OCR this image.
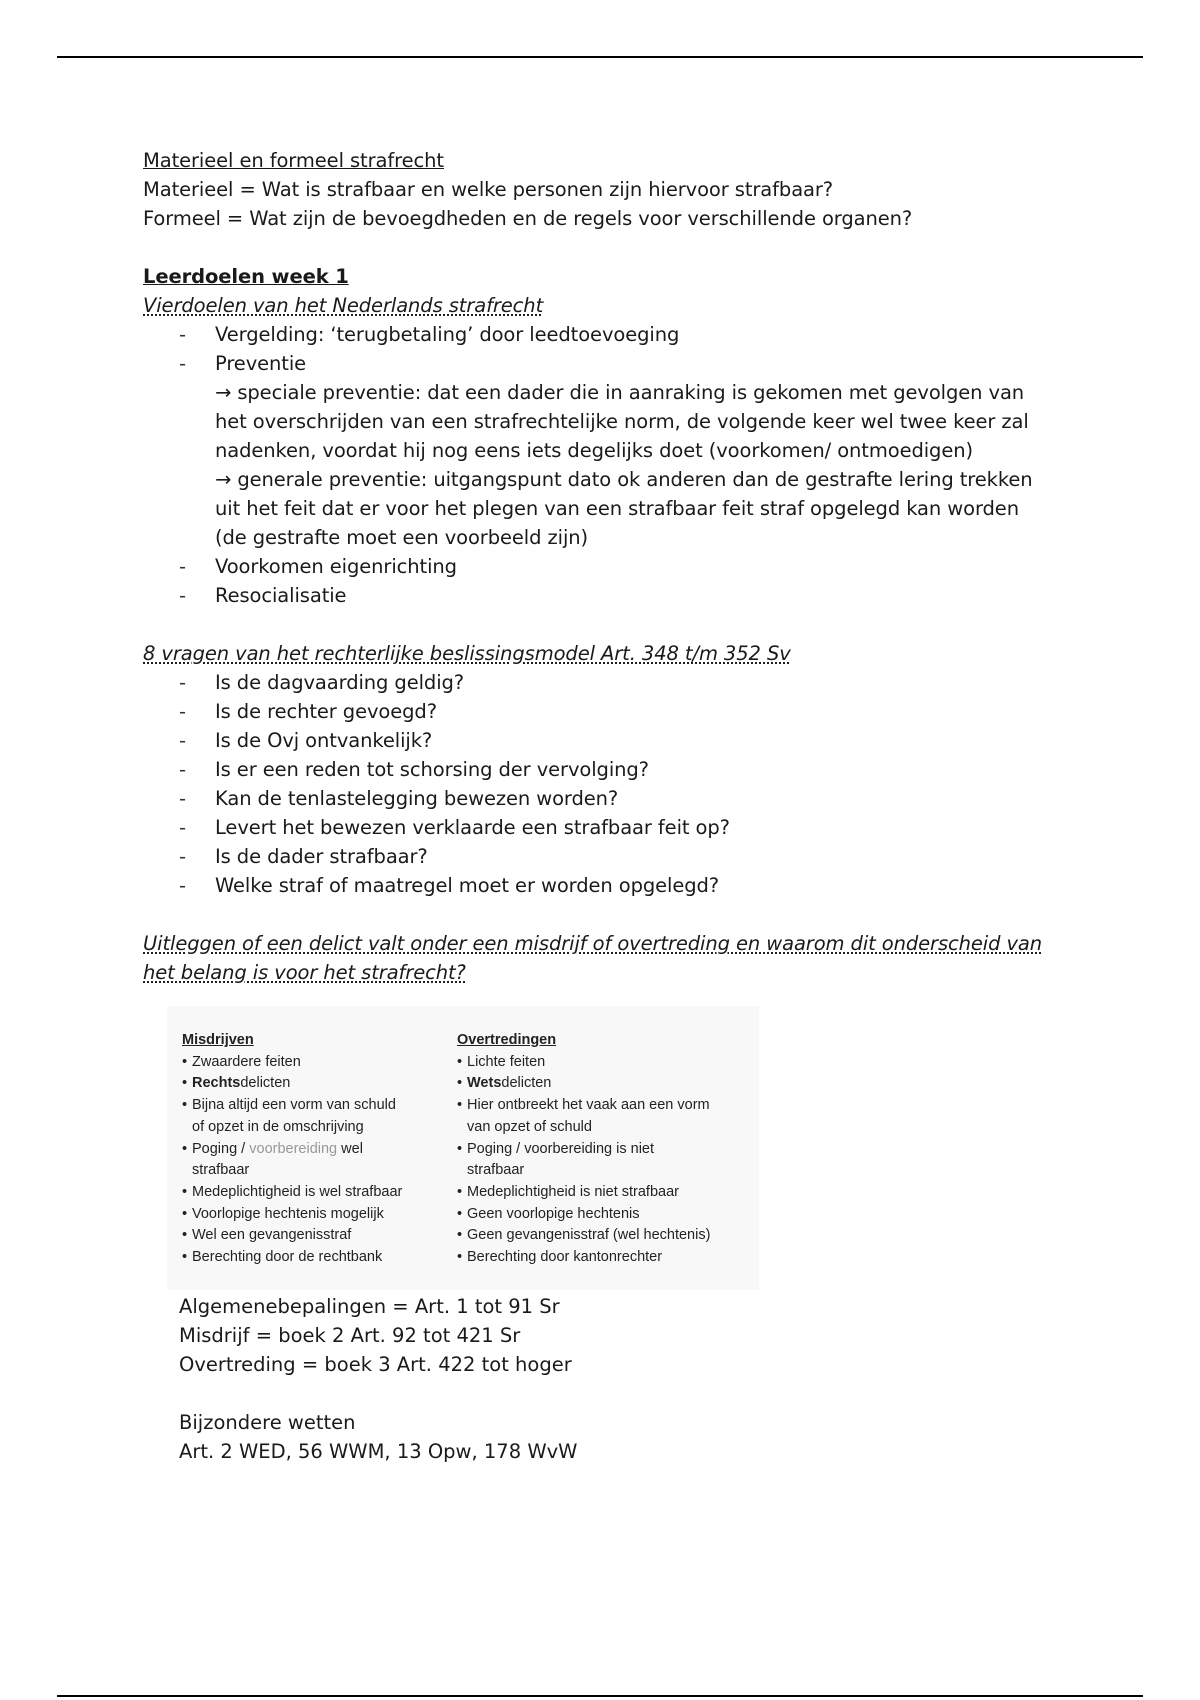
Materieel en formeel strafrecht
Materieel = Wat is strafbaar en welke personen zijn hiervoor strafbaar?
Formeel = Wat zijn de bevoegdheden en de regels voor verschillende organen?
Leerdoelen week 1
Vierdoelen van het Nederlands strafrecht
- Vergelding: ‘terugbetaling’ door leedtoevoeging
- Preventie
→ speciale preventie: dat een dader die in aanraking is gekomen met gevolgen van
het overschrijden van een strafrechtelijke norm, de volgende keer wel twee keer zal
nadenken, voordat hij nog eens iets degelijks doet (voorkomen/ ontmoedigen)
→ generale preventie: uitgangspunt dato ok anderen dan de gestrafte lering trekken
uit het feit dat er voor het plegen van een strafbaar feit straf opgelegd kan worden
(de gestrafte moet een voorbeeld zijn)
- Voorkomen eigenrichting
- Resocialisatie
8 vragen van het rechterlijke beslissingsmodel Art. 348 t/m 352 Sv
- Is de dagvaarding geldig?
- Is de rechter gevoegd?
- Is de Ovj ontvankelijk?
- Is er een reden tot schorsing der vervolging?
- Kan de tenlastelegging bewezen worden?
- Levert het bewezen verklaarde een strafbaar feit op?
- Is de dader strafbaar?
- Welke straf of maatregel moet er worden opgelegd?
Uitleggen of een delict valt onder een misdrijf of overtreding en waarom dit onderscheid van
het belang is voor het strafrecht?
Misdrijven
• Zwaardere feiten
• Rechtsdelicten
• Bijna altijd een vorm van schuld
of opzet in de omschrijving
• Poging / voorbereiding wel
strafbaar
• Medeplichtigheid is wel strafbaar
• Voorlopige hechtenis mogelijk
• Wel een gevangenisstraf
• Berechting door de rechtbank
Overtredingen
• Lichte feiten
• Wetsdelicten
• Hier ontbreekt het vaak aan een vorm
van opzet of schuld
• Poging / voorbereiding is niet
strafbaar
• Medeplichtigheid is niet strafbaar
• Geen voorlopige hechtenis
• Geen gevangenisstraf (wel hechtenis)
• Berechting door kantonrechter
Algemenebepalingen = Art. 1 tot 91 Sr
Misdrijf = boek 2 Art. 92 tot 421 Sr
Overtreding = boek 3 Art. 422 tot hoger
Bijzondere wetten
Art. 2 WED, 56 WWM, 13 Opw, 178 WvW
